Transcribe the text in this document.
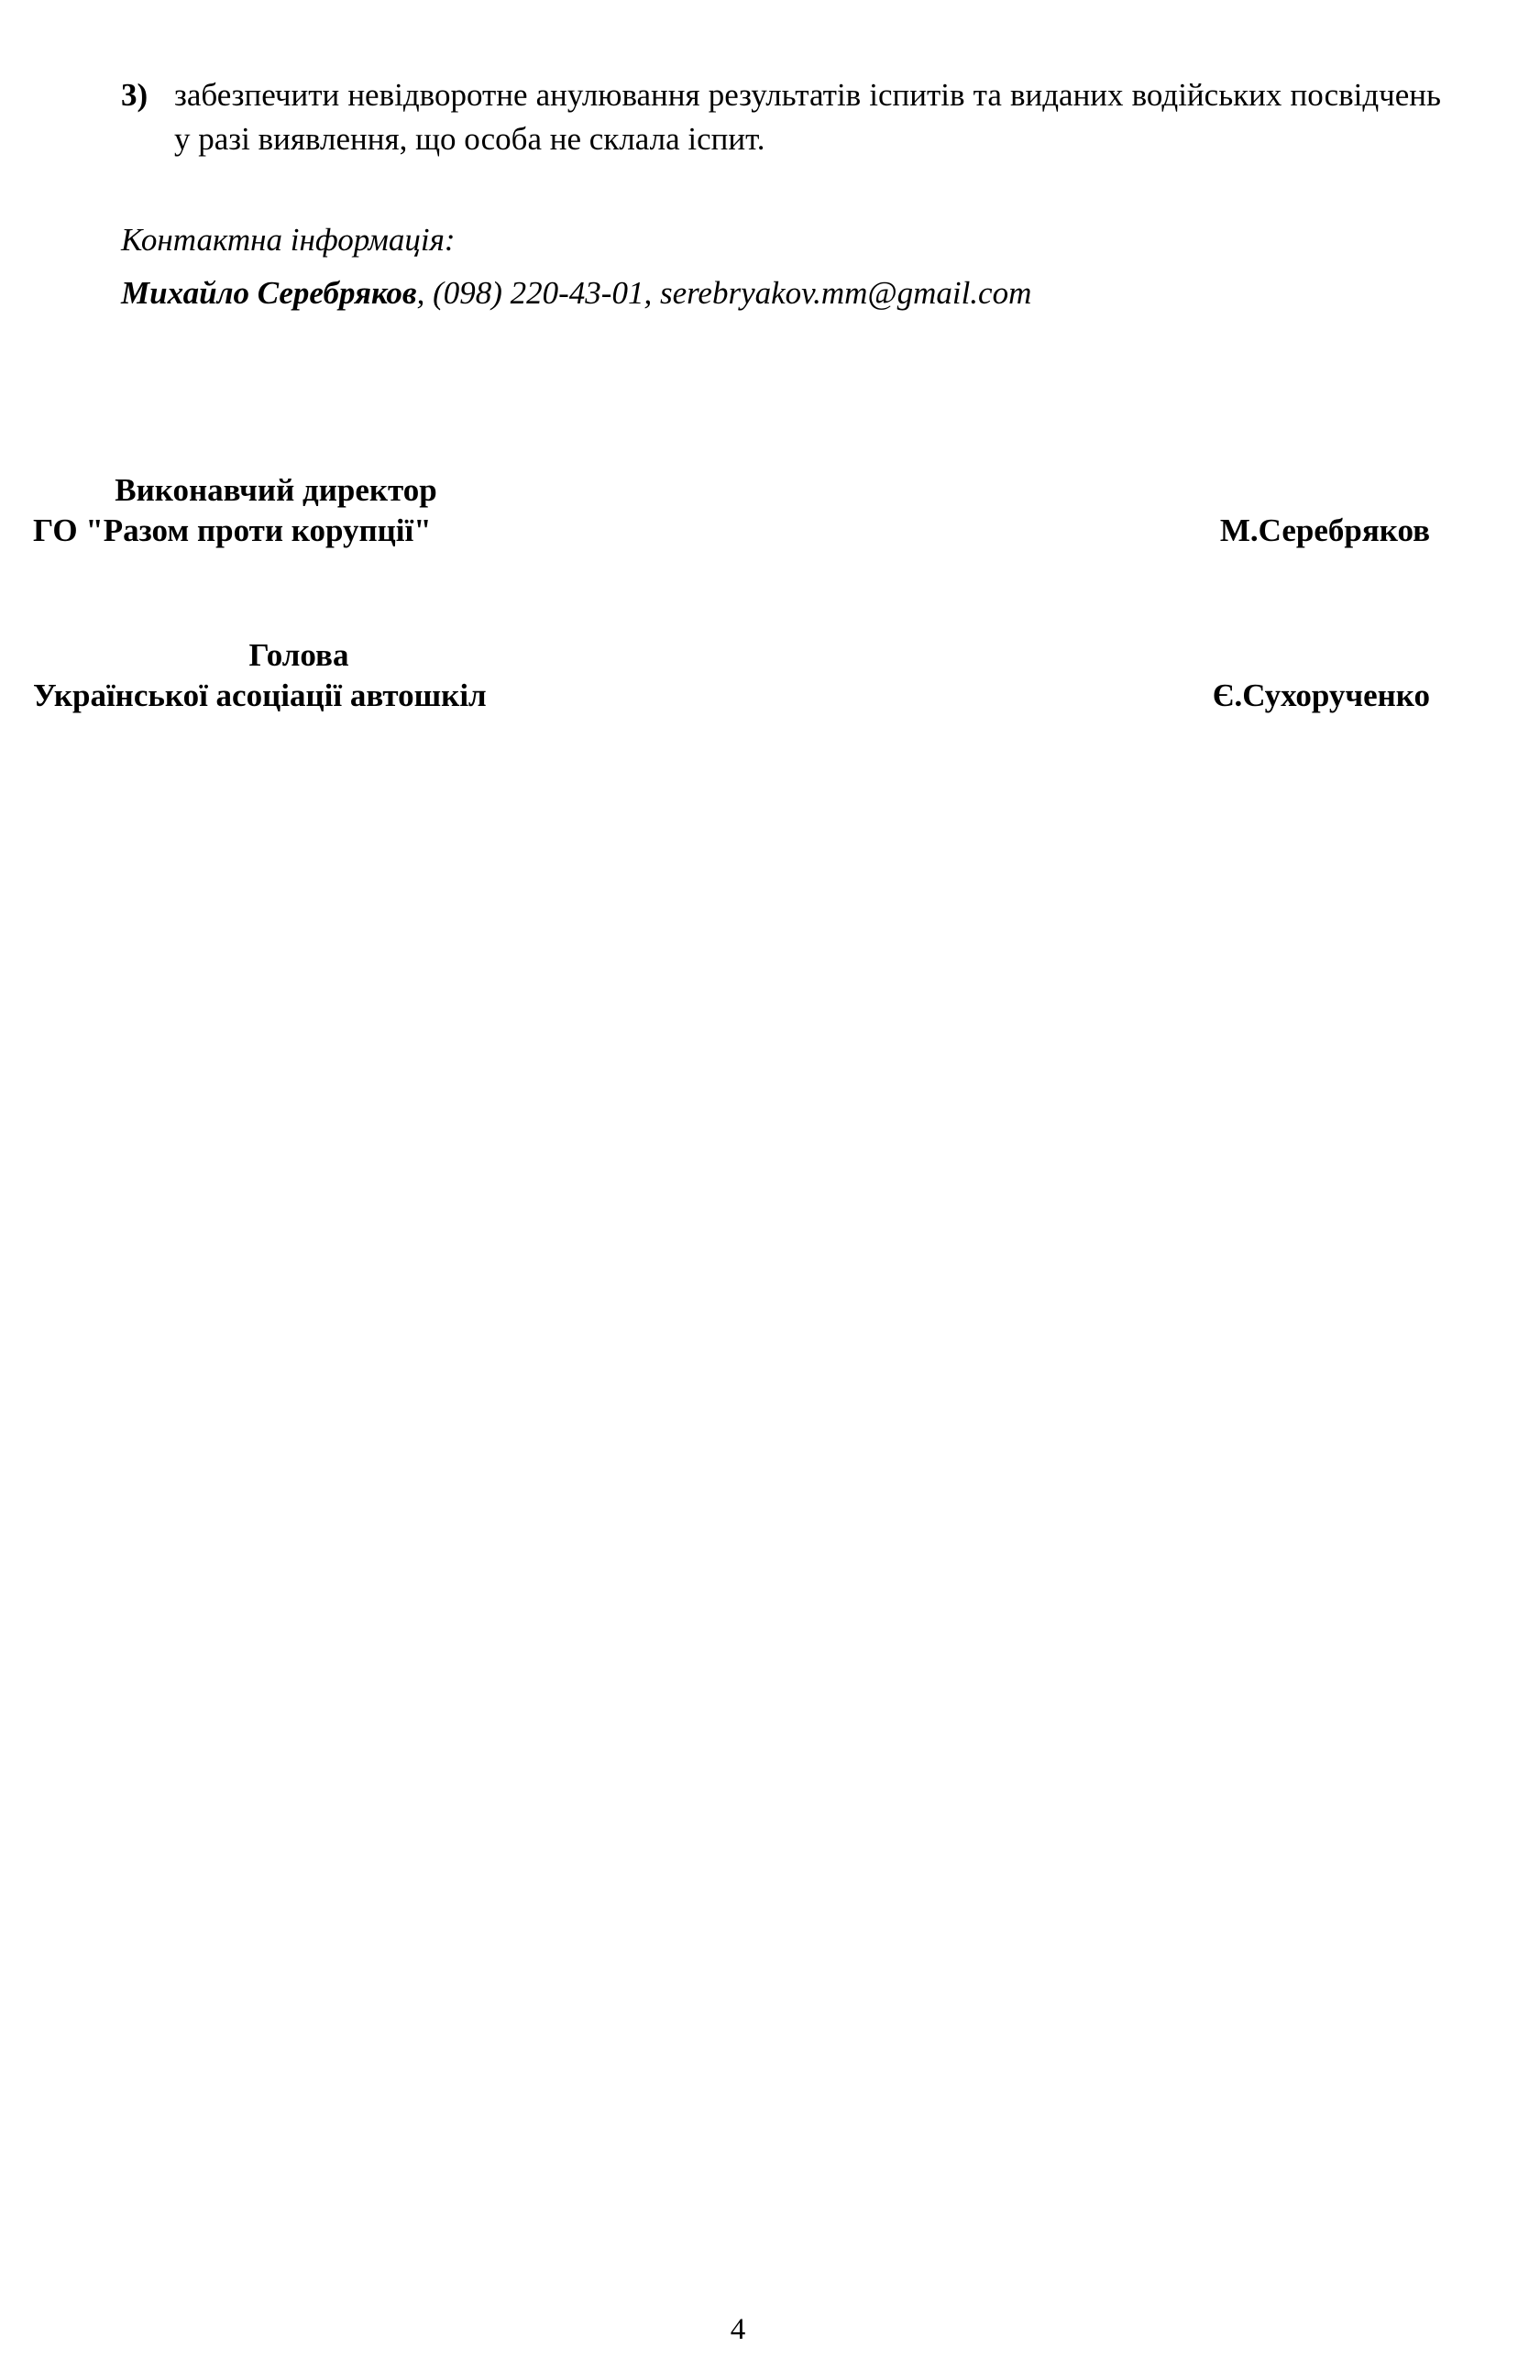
3) забезпечити невідворотне анулювання результатів іспитів та виданих водійських посвідчень у разі виявлення, що особа не склала іспит.
Контактна інформація:
Михайло Серебряков, (098) 220-43-01, serebryakov.mm@gmail.com
Виконавчий директор
ГО "Разом проти корупції"	М.Серебряков
Голова
Української асоціації автошкіл	Є.Сухорученко
4
